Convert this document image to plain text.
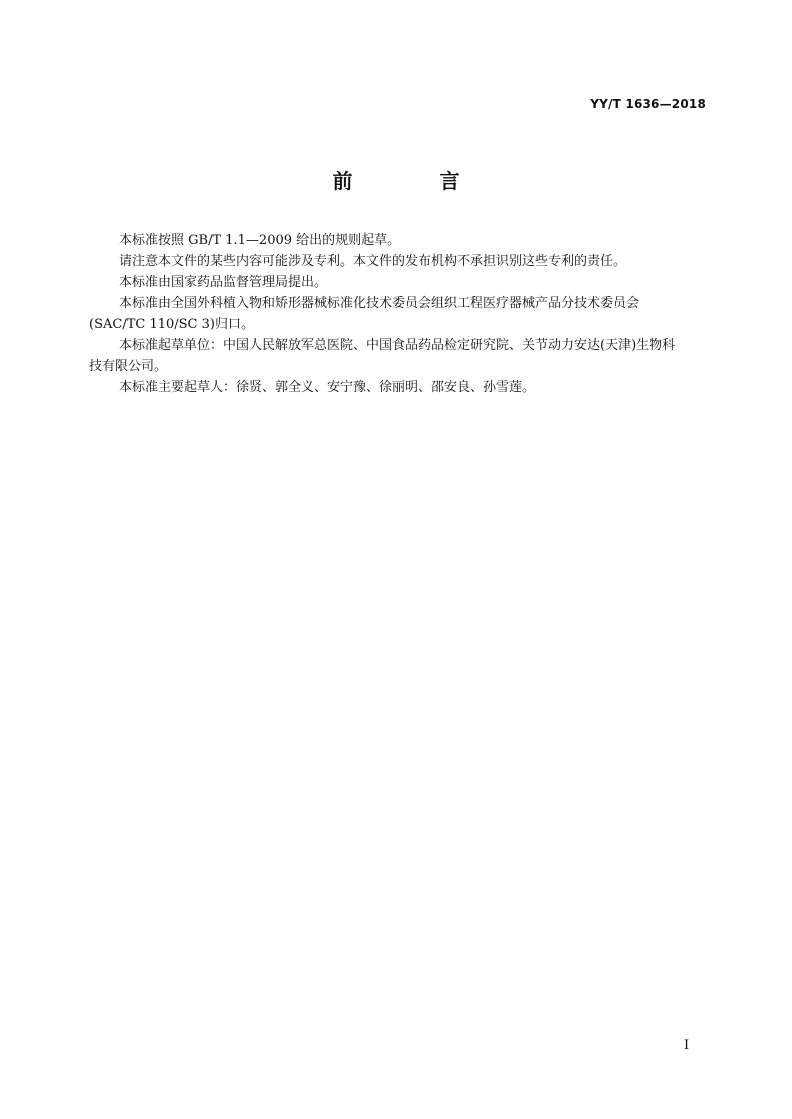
YY/T 1636—2018
前 言

本标准按照 GB/T 1.1—2009 给出的规则起草。

请注意本文件的某些内容可能涉及专利。本文件的发布机构不承担识别这些专利的责任。

本标准由国家药品监督管理局提出。

本标准由全国外科植入物和矫形器械标准化技术委员会组织工程医疗器械产品分技术委员会
(SAC/TC 110/SC 3)归口。

本标准起草单位：中国人民解放军总医院、中国食品药品检定研究院、关节动力安达(天津)生物科
技有限公司。

本标准主要起草人：徐贤、郭全义、安宁豫、徐丽明、邵安良、孙雪莲。

I
